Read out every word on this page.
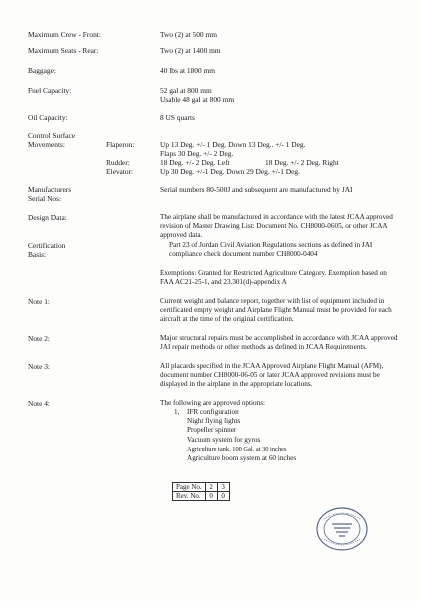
Maximum Crew - Front:	Two (2) at 500 mm
Maximum Seats - Rear:	Two (2) at 1400 mm
Baggage:	40 lbs at 1800 mm
Fuel Capacity:	52 gal at 800 mm
Usable 48 gal at 800 mm
Oil Capacity:	8 US quarts
Control Surface
Movements:	Flaperon:	Up 13 Deg. +/- 1 Deg. Down 13 Deg.. +/- 1 Deg.
Flaps 30 Deg. +/- 2 Deg.
Rudder:	18 Deg. +/- 2 Deg. Left	18 Deg. +/- 2 Deg. Right
Elevator:	Up 30 Deg. +/-1 Deg. Down 29 Deg. +/-1 Deg.
Manufacturers
Serial Nos:
Serial numbers 80-500J and subsequent are manufactured by JAI
Design Data:	The airplane shall be manufactured in accordance with the latest JCAA approved revision of Master Drawing List: Document No. CH8000-0605, or other JCAA approved data.
Certification
Basis:
Part 23 of Jordan Civil Aviation Regulations sections as defined in JAI compliance check document number CH8000-0404
Exemptions: Granted for Restricted Agriculture Category. Exemption based on FAA AC21-25-1, and 23.301(d)-appendix A
Note 1:	Current weight and balance report, together with list of equipment included in certificated empty weight and Airplane Flight Manual must be provided for each aircraft at the time of the original certification.
Note 2:	Major structural repairs must be accomplished in accordance with JCAA approved JAI repair methods or other methods as defined in JCAA Requirements.
Note 3:	All placards specified in the JCAA Approved Airplane Flight Manual (AFM), document number CH8000-06-05 or later JCAA approved revisions must be displayed in the airplane in the appropriate locations.
Note 4:	The following are approved options:
1, IFR configuration
Night flying lights
Propeller spinner
Vacuum system for gyros
Agriculture tank. 100 Gal. at 30 inches
Agriculture boom system at 60 inches
Page No.	2	3
Rev. No.	0	0
